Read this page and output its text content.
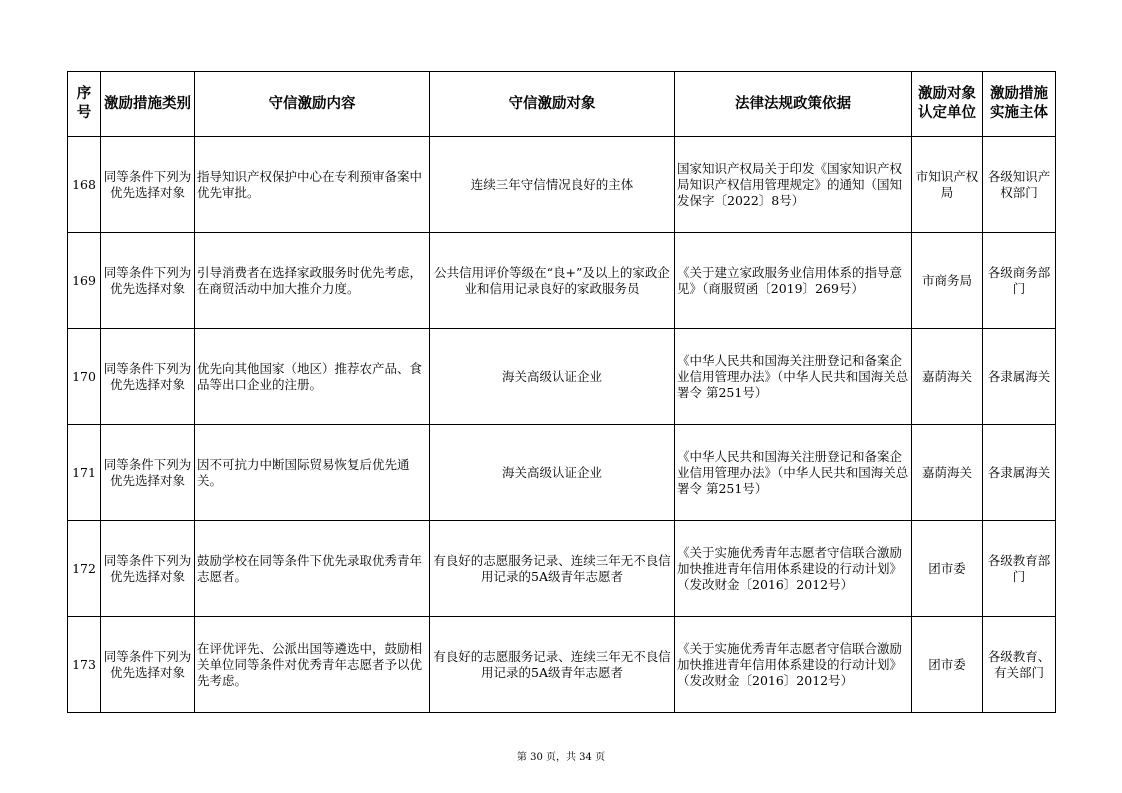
序号	激励措施类别	守信激励内容	守信激励对象	法律法规政策依据	激励对象认定单位	激励措施实施主体
168	同等条件下列为优先选择对象	指导知识产权保护中心在专利预审备案中优先审批。	连续三年守信情况良好的主体	国家知识产权局关于印发《国家知识产权局知识产权信用管理规定》的通知（国知发保字〔2022〕8号）	市知识产权局	各级知识产权部门
169	同等条件下列为优先选择对象	引导消费者在选择家政服务时优先考虑，在商贸活动中加大推介力度。	公共信用评价等级在“良+”及以上的家政企业和信用记录良好的家政服务员	《关于建立家政服务业信用体系的指导意见》（商服贸函〔2019〕269号）	市商务局	各级商务部门
170	同等条件下列为优先选择对象	优先向其他国家（地区）推荐农产品、食品等出口企业的注册。	海关高级认证企业	《中华人民共和国海关注册登记和备案企业信用管理办法》（中华人民共和国海关总署令 第251号）	嘉荫海关	各隶属海关
171	同等条件下列为优先选择对象	因不可抗力中断国际贸易恢复后优先通关。	海关高级认证企业	《中华人民共和国海关注册登记和备案企业信用管理办法》（中华人民共和国海关总署令 第251号）	嘉荫海关	各隶属海关
172	同等条件下列为优先选择对象	鼓励学校在同等条件下优先录取优秀青年志愿者。	有良好的志愿服务记录、连续三年无不良信用记录的5A级青年志愿者	《关于实施优秀青年志愿者守信联合激励加快推进青年信用体系建设的行动计划》（发改财金〔2016〕2012号）	团市委	各级教育部门
173	同等条件下列为优先选择对象	在评优评先、公派出国等遴选中，鼓励相关单位同等条件对优秀青年志愿者予以优先考虑。	有良好的志愿服务记录、连续三年无不良信用记录的5A级青年志愿者	《关于实施优秀青年志愿者守信联合激励加快推进青年信用体系建设的行动计划》（发改财金〔2016〕2012号）	团市委	各级教育、有关部门
第 30 页，共 34 页
